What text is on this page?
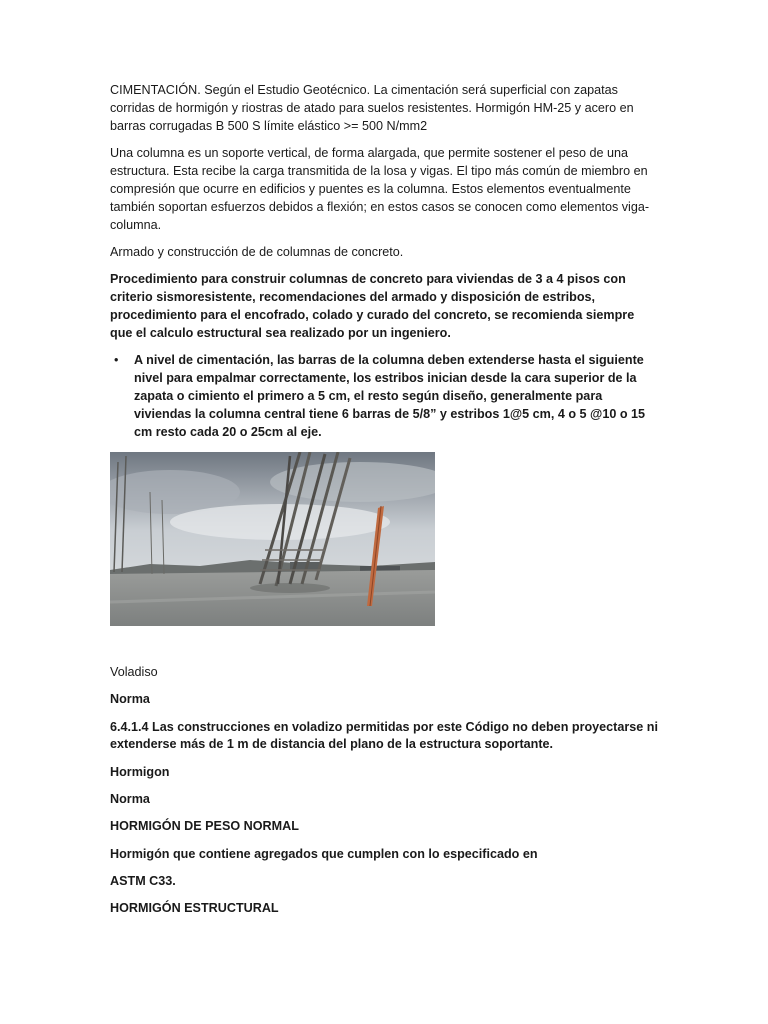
CIMENTACIÓN. Según el Estudio Geotécnico. La cimentación será superficial con zapatas corridas de hormigón y riostras de atado para suelos resistentes. Hormigón HM-25 y acero en barras corrugadas B 500 S límite elástico >= 500 N/mm2

Una columna es un soporte vertical, de forma alargada, que permite sostener el peso de una estructura. Esta recibe la carga transmitida de la losa y vigas. El tipo más común de miembro en compresión que ocurre en edificios y puentes es la columna. Estos elementos eventualmente también soportan esfuerzos debidos a flexión; en estos casos se conocen como elementos viga-columna.

Armado y construcción de de columnas de concreto.

Procedimiento para construir columnas de concreto para viviendas de 3 a 4 pisos con criterio sismoresistente, recomendaciones del armado y disposición de estribos, procedimiento para el encofrado, colado y curado del concreto, se recomienda siempre que el calculo estructural sea realizado por un ingeniero.

• A nivel de cimentación, las barras de la columna deben extenderse hasta el siguiente nivel para empalmar correctamente, los estribos inician desde la cara superior de la zapata o cimiento el primero a 5 cm, el resto según diseño, generalmente para viviendas la columna central tiene 6 barras de 5/8” y estribos 1@5 cm, 4 o 5 @10 o 15 cm resto cada 20 o 25cm al eje.

Voladiso

Norma

6.4.1.4 Las construcciones en voladizo permitidas por este Código no deben proyectarse ni extenderse más de 1 m de distancia del plano de la estructura soportante.

Hormigon

Norma

HORMIGÓN DE PESO NORMAL

Hormigón que contiene agregados que cumplen con lo especificado en

ASTM C33.

HORMIGÓN ESTRUCTURAL
